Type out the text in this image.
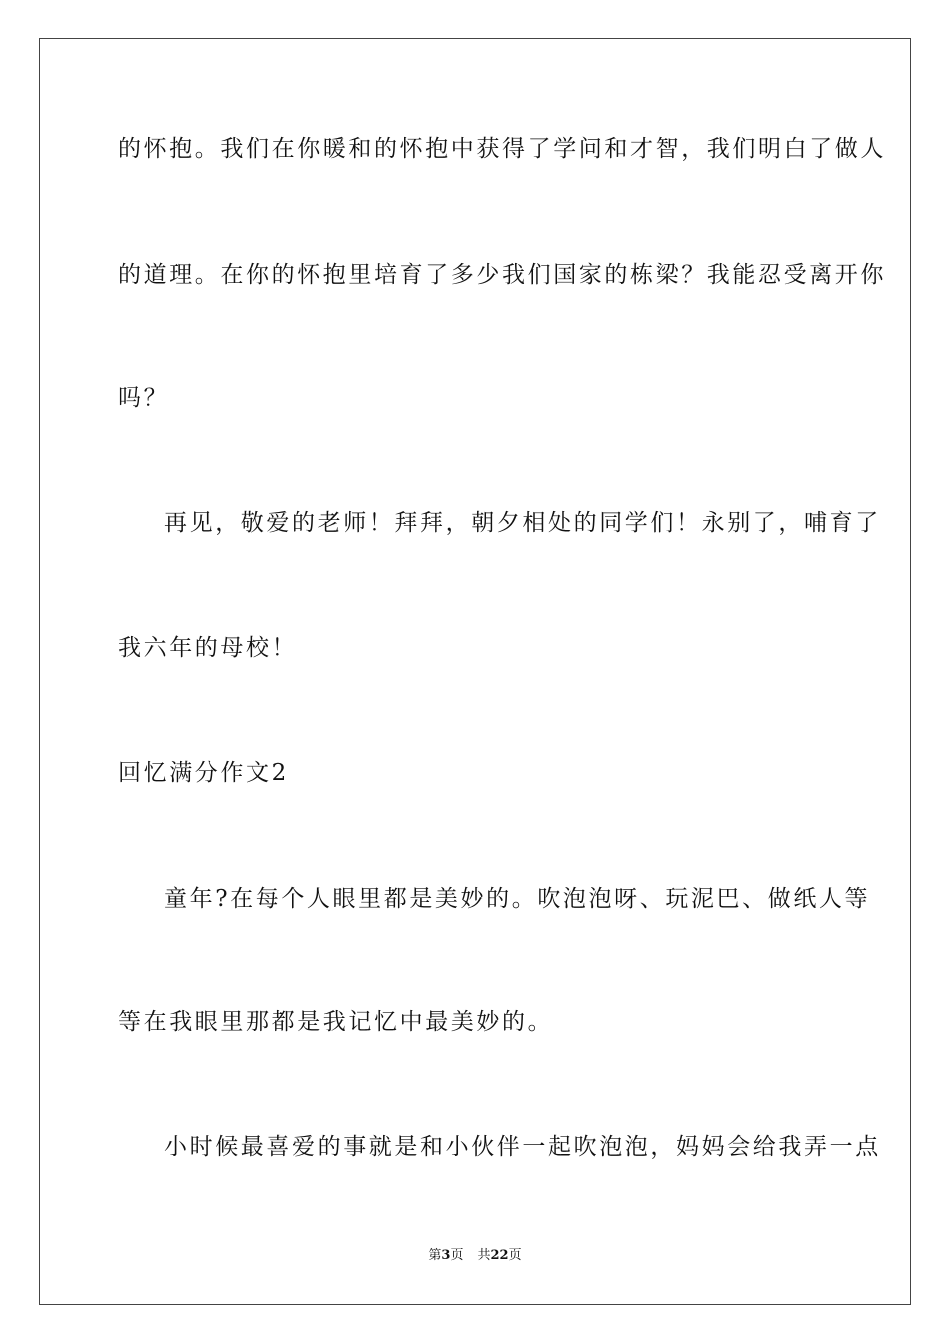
的怀抱。我们在你暖和的怀抱中获得了学问和才智，我们明白了做人
的道理。在你的怀抱里培育了多少我们国家的栋梁？我能忍受离开你
吗？
再见，敬爱的老师！拜拜，朝夕相处的同学们！永别了，哺育了
我六年的母校！
回忆满分作文2
童年?在每个人眼里都是美妙的。吹泡泡呀、玩泥巴、做纸人等
等在我眼里那都是我记忆中最美妙的。
小时候最喜爱的事就是和小伙伴一起吹泡泡，妈妈会给我弄一点
第3页 共22页
